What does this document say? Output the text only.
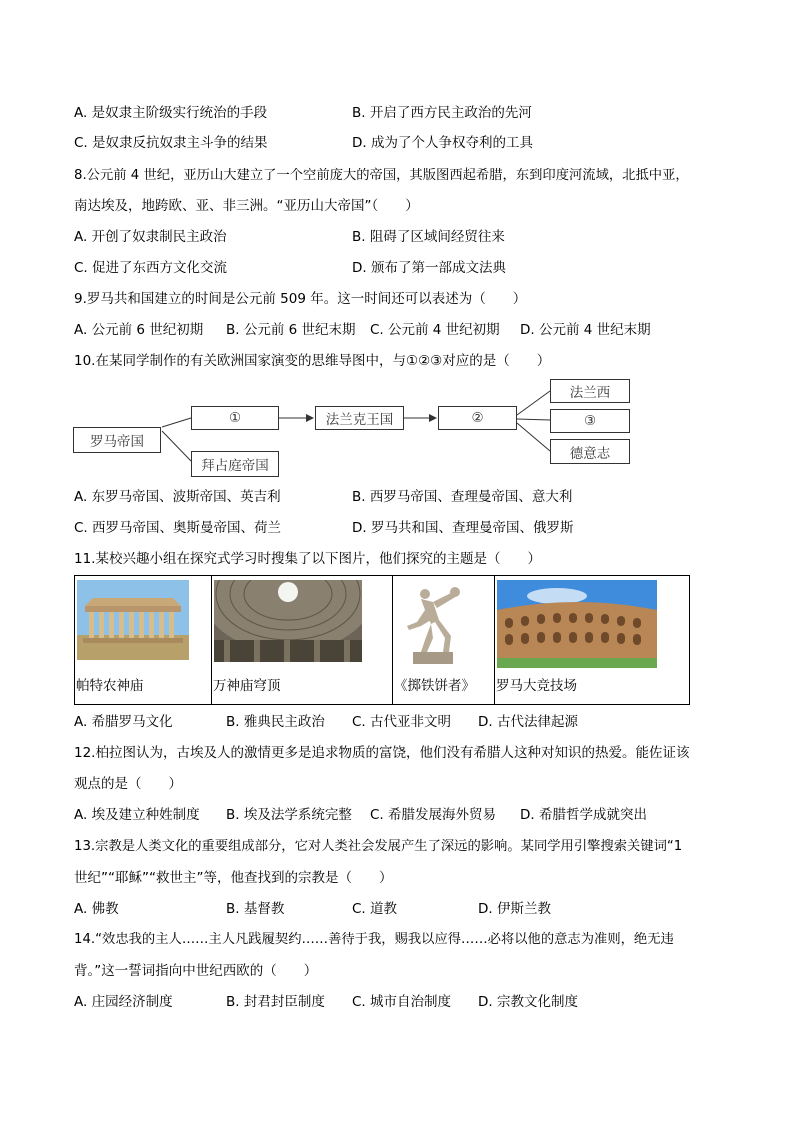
A. 是奴隶主阶级实行统治的手段	B. 开启了西方民主政治的先河
C. 是奴隶反抗奴隶主斗争的结果	D. 成为了个人争权夺利的工具
8.公元前 4 世纪，亚历山大建立了一个空前庞大的帝国，其版图西起希腊，东到印度河流域，北抵中亚，
南达埃及，地跨欧、亚、非三洲。“亚历山大帝国”（　　）
A. 开创了奴隶制民主政治	B. 阻碍了区域间经贸往来
C. 促进了东西方文化交流	D. 颁布了第一部成文法典
9.罗马共和国建立的时间是公元前 509 年。这一时间还可以表述为（　　）
A. 公元前 6 世纪初期 B. 公元前 6 世纪末期 C. 公元前 4 世纪初期 D. 公元前 4 世纪末期
10.在某同学制作的有关欧洲国家演变的思维导图中，与①②③对应的是（　　）
罗马帝国
①
拜占庭帝国
法兰克王国	②
法兰西
③
德意志
A. 东罗马帝国、波斯帝国、英吉利	B. 西罗马帝国、查理曼帝国、意大利
C. 西罗马帝国、奥斯曼帝国、荷兰	D. 罗马共和国、查理曼帝国、俄罗斯
11.某校兴趣小组在探究式学习时搜集了以下图片，他们探究的主题是（　　）
帕特农神庙	万神庙穹顶	《掷铁饼者》 罗马大竞技场
A. 希腊罗马文化	B. 雅典民主政治 C. 古代亚非文明 D. 古代法律起源
12.柏拉图认为，古埃及人的激情更多是追求物质的富饶，他们没有希腊人这种对知识的热爱。能佐证该
观点的是（　　）
A. 埃及建立种姓制度 B. 埃及法学系统完整 C. 希腊发展海外贸易 D. 希腊哲学成就突出
13.宗教是人类文化的重要组成部分，它对人类社会发展产生了深远的影响。某同学用引擎搜索关键词“1
世纪”“耶稣”“救世主”等，他查找到的宗教是（　　）
A. 佛教	B. 基督教	C. 道教	D. 伊斯兰教
14.“效忠我的主人……主人凡践履契约……善待于我，赐我以应得……必将以他的意志为准则，绝无违
背。”这一誓词指向中世纪西欧的（　　）
A. 庄园经济制度	B. 封君封臣制度 C. 城市自治制度 D. 宗教文化制度
